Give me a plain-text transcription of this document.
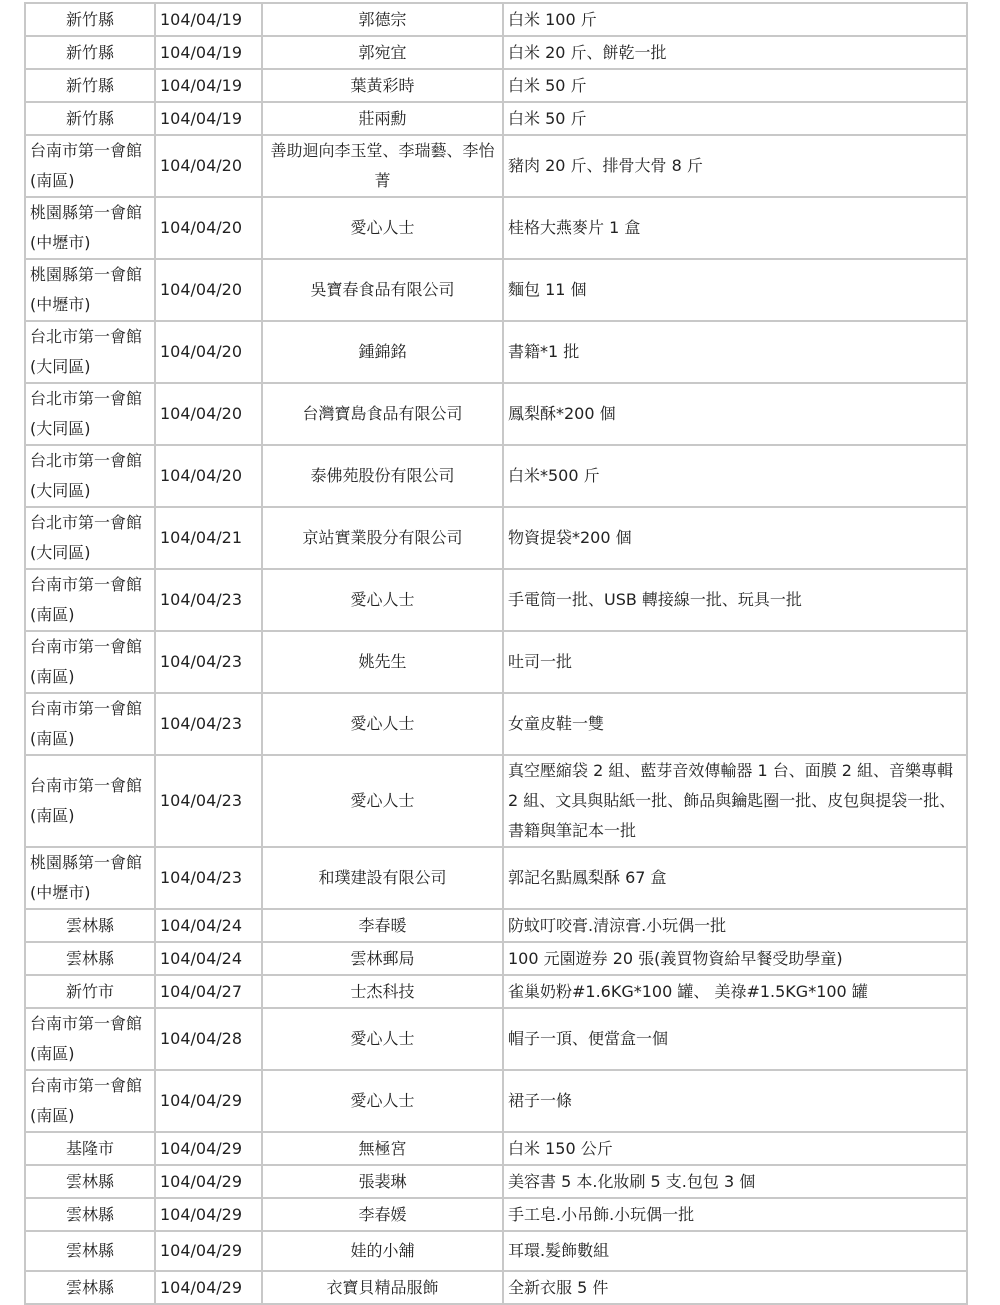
新竹縣	104/04/19	郭德宗	白米 100 斤
新竹縣	104/04/19	郭宛宜	白米 20 斤、餅乾一批
新竹縣	104/04/19	葉黃彩時	白米 50 斤
新竹縣	104/04/19	莊兩勳	白米 50 斤
台南市第一會館(南區)	104/04/20	善助迴向李玉堂、李瑞藝、李怡菁	豬肉 20 斤、排骨大骨 8 斤
桃園縣第一會館(中壢市)	104/04/20	愛心人士	桂格大燕麥片 1 盒
桃園縣第一會館(中壢市)	104/04/20	吳寶春食品有限公司	麵包 11 個
台北市第一會館(大同區)	104/04/20	鍾錦銘	書籍*1 批
台北市第一會館(大同區)	104/04/20	台灣寶島食品有限公司	鳳梨酥*200 個
台北市第一會館(大同區)	104/04/20	泰佛苑股份有限公司	白米*500 斤
台北市第一會館(大同區)	104/04/21	京站實業股分有限公司	物資提袋*200 個
台南市第一會館(南區)	104/04/23	愛心人士	手電筒一批、USB 轉接線一批、玩具一批
台南市第一會館(南區)	104/04/23	姚先生	吐司一批
台南市第一會館(南區)	104/04/23	愛心人士	女童皮鞋一雙
台南市第一會館(南區)	104/04/23	愛心人士	真空壓縮袋 2 組、藍芽音效傳輸器 1 台、面膜 2 組、音樂專輯 2 組、文具與貼紙一批、飾品與鑰匙圈一批、皮包與提袋一批、書籍與筆記本一批
桃園縣第一會館(中壢市)	104/04/23	和璞建設有限公司	郭記名點鳳梨酥 67 盒
雲林縣	104/04/24	李春暖	防蚊叮咬膏.清涼膏.小玩偶一批
雲林縣	104/04/24	雲林郵局	100 元園遊券 20 張(義買物資給早餐受助學童)
新竹市	104/04/27	士杰科技	雀巢奶粉#1.6KG*100 罐、 美祿#1.5KG*100 罐
台南市第一會館(南區)	104/04/28	愛心人士	帽子一頂、便當盒一個
台南市第一會館(南區)	104/04/29	愛心人士	裙子一條
基隆市	104/04/29	無極宮	白米 150 公斤
雲林縣	104/04/29	張裴琳	美容書 5 本.化妝刷 5 支.包包 3 個
雲林縣	104/04/29	李春媛	手工皂.小吊飾.小玩偶一批
雲林縣	104/04/29	娃的小舖	耳環.髮飾數組
雲林縣	104/04/29	衣寶貝精品服飾	全新衣服 5 件
